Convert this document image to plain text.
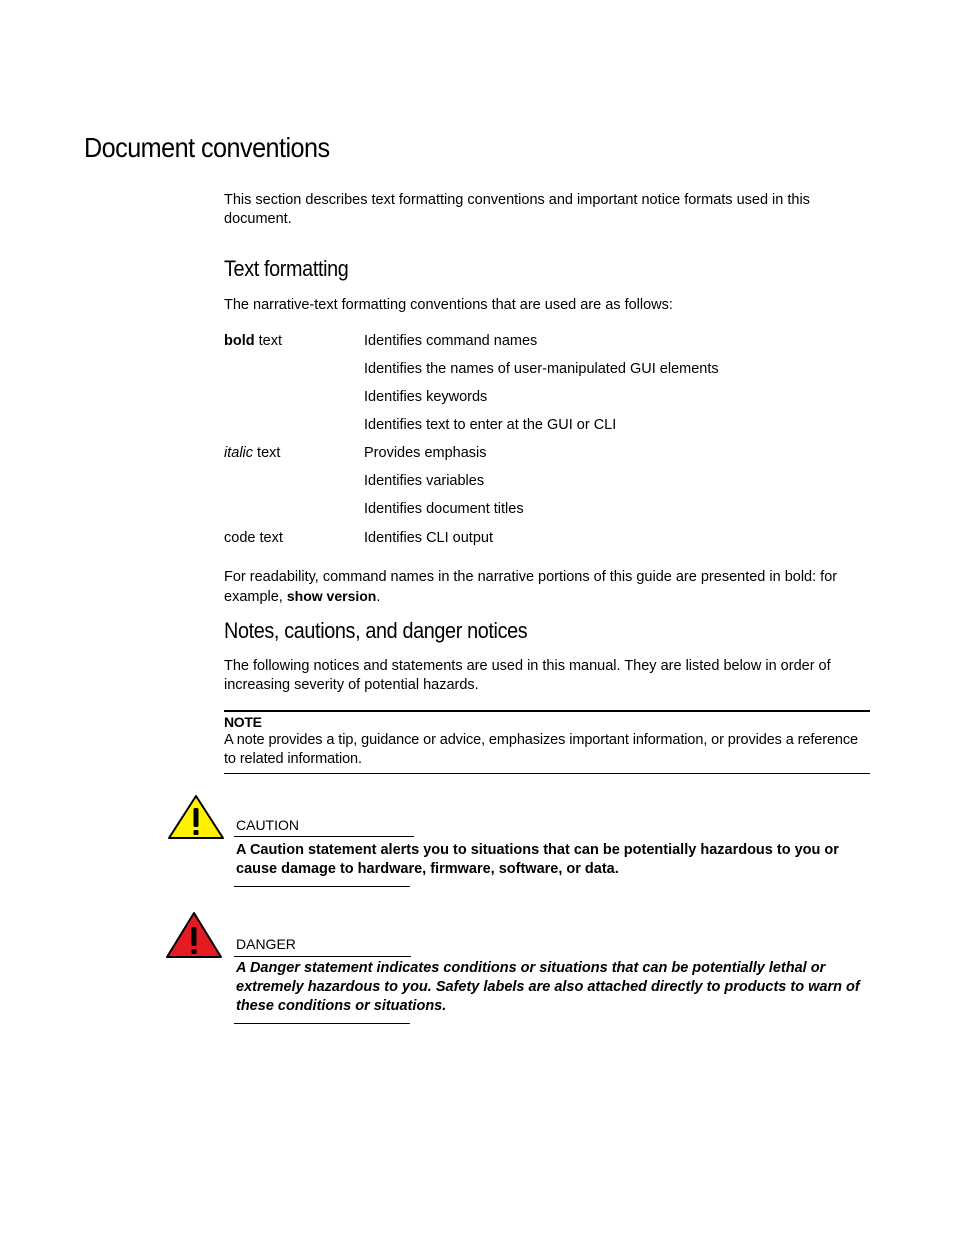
Document conventions

This section describes text formatting conventions and important notice formats used in this document.

Text formatting

The narrative-text formatting conventions that are used are as follows:

bold text	Identifies command names
Identifies the names of user-manipulated GUI elements
Identifies keywords
Identifies text to enter at the GUI or CLI
italic text	Provides emphasis
Identifies variables
Identifies document titles
code text	Identifies CLI output

For readability, command names in the narrative portions of this guide are presented in bold: for example, show version.

Notes, cautions, and danger notices

The following notices and statements are used in this manual. They are listed below in order of increasing severity of potential hazards.

NOTE

A note provides a tip, guidance or advice, emphasizes important information, or provides a reference to related information.

CAUTION

A Caution statement alerts you to situations that can be potentially hazardous to you or cause damage to hardware, firmware, software, or data.

DANGER

A Danger statement indicates conditions or situations that can be potentially lethal or extremely hazardous to you. Safety labels are also attached directly to products to warn of these conditions or situations.
